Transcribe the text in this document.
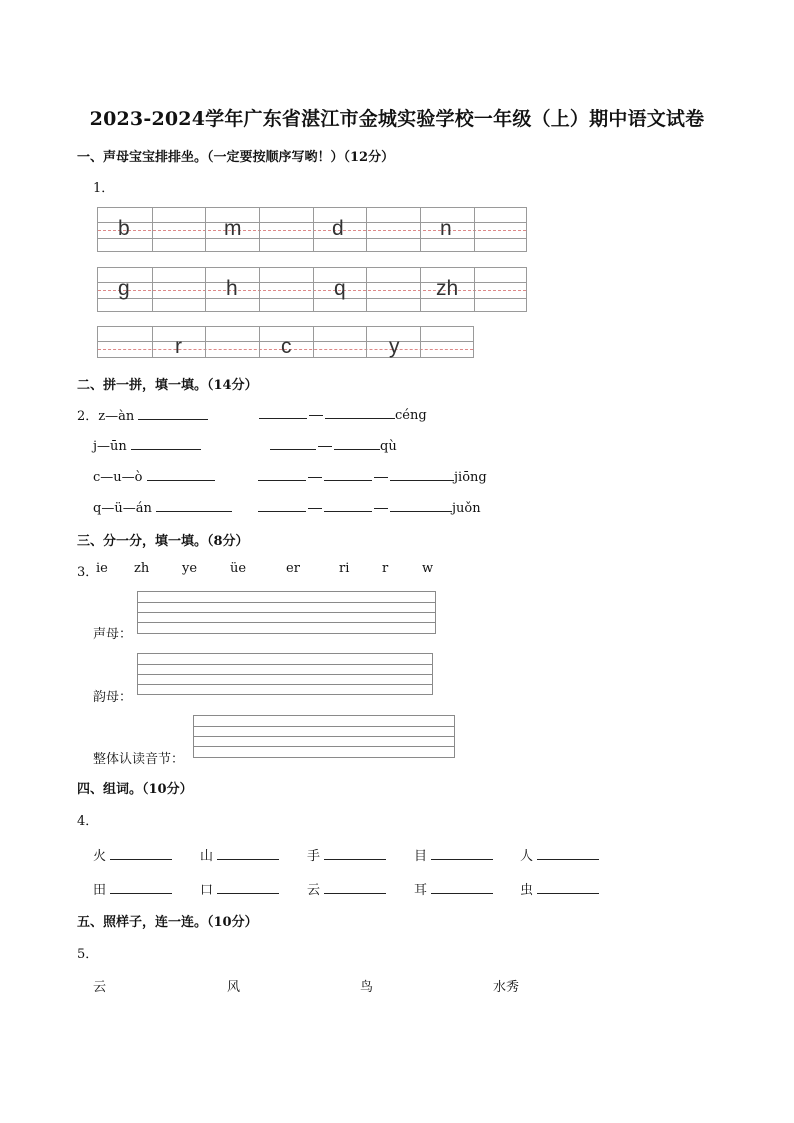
2023-2024学年广东省湛江市金城实验学校一年级（上）期中语文试卷
一、声母宝宝排排坐。（一定要按顺序写哟！）（12分）
1．
b	m	d	n
g	h	q	zh
r	c	y
二、拼一拼，填一填。（14分）
2．z—àn	céng
j—ūn	qù
c—u—ò	jiōng
q—ü—án	juǒn
三、分一分，填一填。（8分）
3．
ie zh	ye	üe	er	ri	r	w
声母：
韵母：
整体认读音节：
四、组词。（10分）
4．
火	山	手	目	人
田	口	云	耳	虫
五、照样子，连一连。（10分）
5．
云	风	鸟	水秀
